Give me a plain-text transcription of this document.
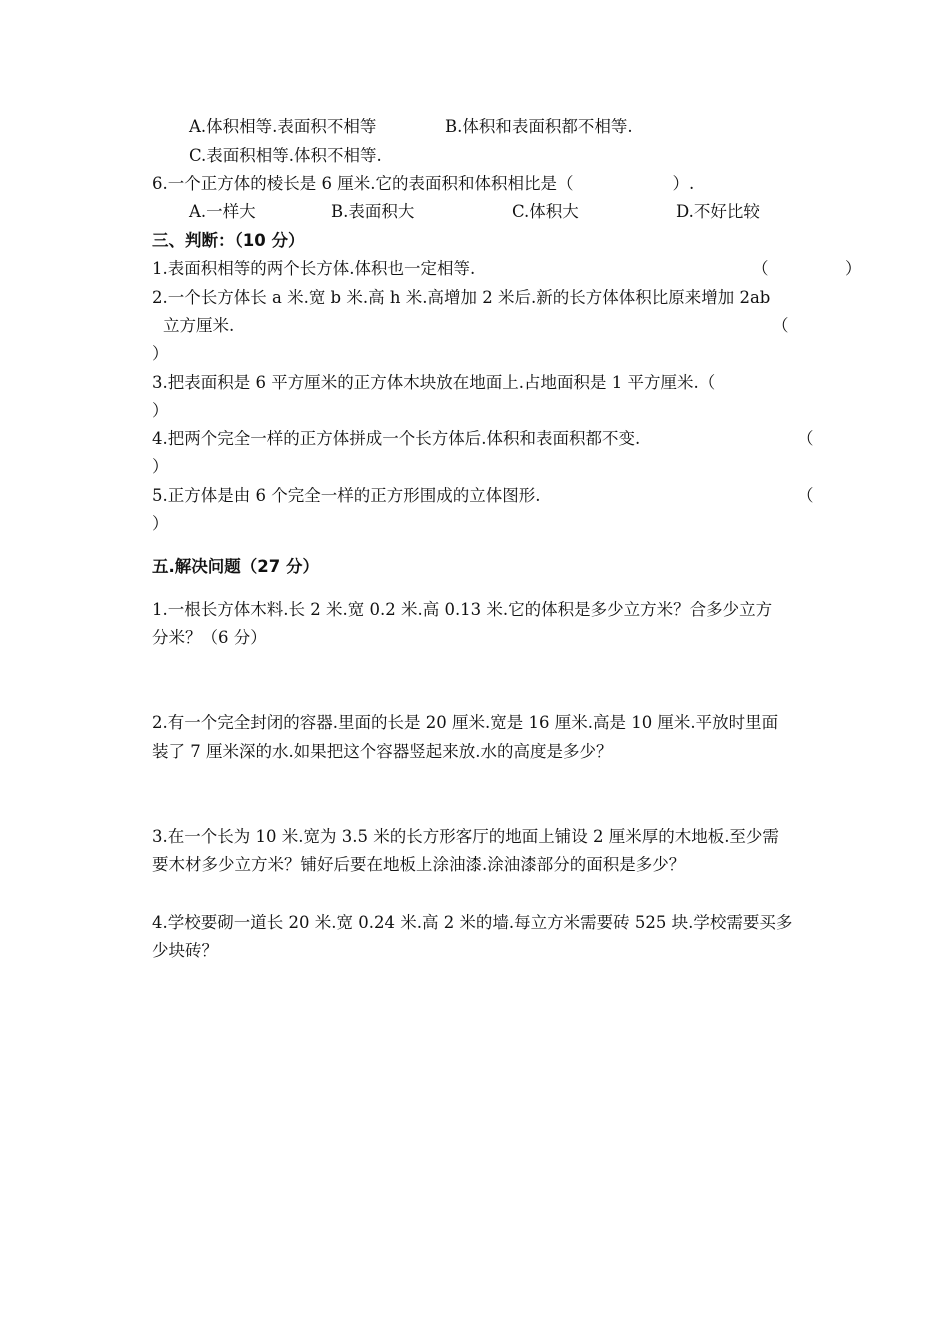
A.体积相等.表面积不相等	B.体积和表面积都不相等.
C.表面积相等.体积不相等.
6.一个正方体的棱长是 6 厘米.它的表面积和体积相比是（　　　　　　）.
A.一样大	B.表面积大	C.体积大	D.不好比较
三、判断：（10 分）
1.表面积相等的两个长方体.体积也一定相等.	（	）
2.一个长方体长 a 米.宽 b 米.高 h 米.高增加 2 米后.新的长方体体积比原来增加 2ab
立方厘米.	（
）
3.把表面积是 6 平方厘米的正方体木块放在地面上.占地面积是 1 平方厘米.（
）
4.把两个完全一样的正方体拼成一个长方体后.体积和表面积都不变.	（
）
5.正方体是由 6 个完全一样的正方形围成的立体图形.	（
）
五.解决问题（27 分）
1.一根长方体木料.长 2 米.宽 0.2 米.高 0.13 米.它的体积是多少立方米？合多少立方
分米？（6 分）
2.有一个完全封闭的容器.里面的长是 20 厘米.宽是 16 厘米.高是 10 厘米.平放时里面
装了 7 厘米深的水.如果把这个容器竖起来放.水的高度是多少？
3.在一个长为 10 米.宽为 3.5 米的长方形客厅的地面上铺设 2 厘米厚的木地板.至少需
要木材多少立方米？铺好后要在地板上涂油漆.涂油漆部分的面积是多少？
4.学校要砌一道长 20 米.宽 0.24 米.高 2 米的墙.每立方米需要砖 525 块.学校需要买多
少块砖？
